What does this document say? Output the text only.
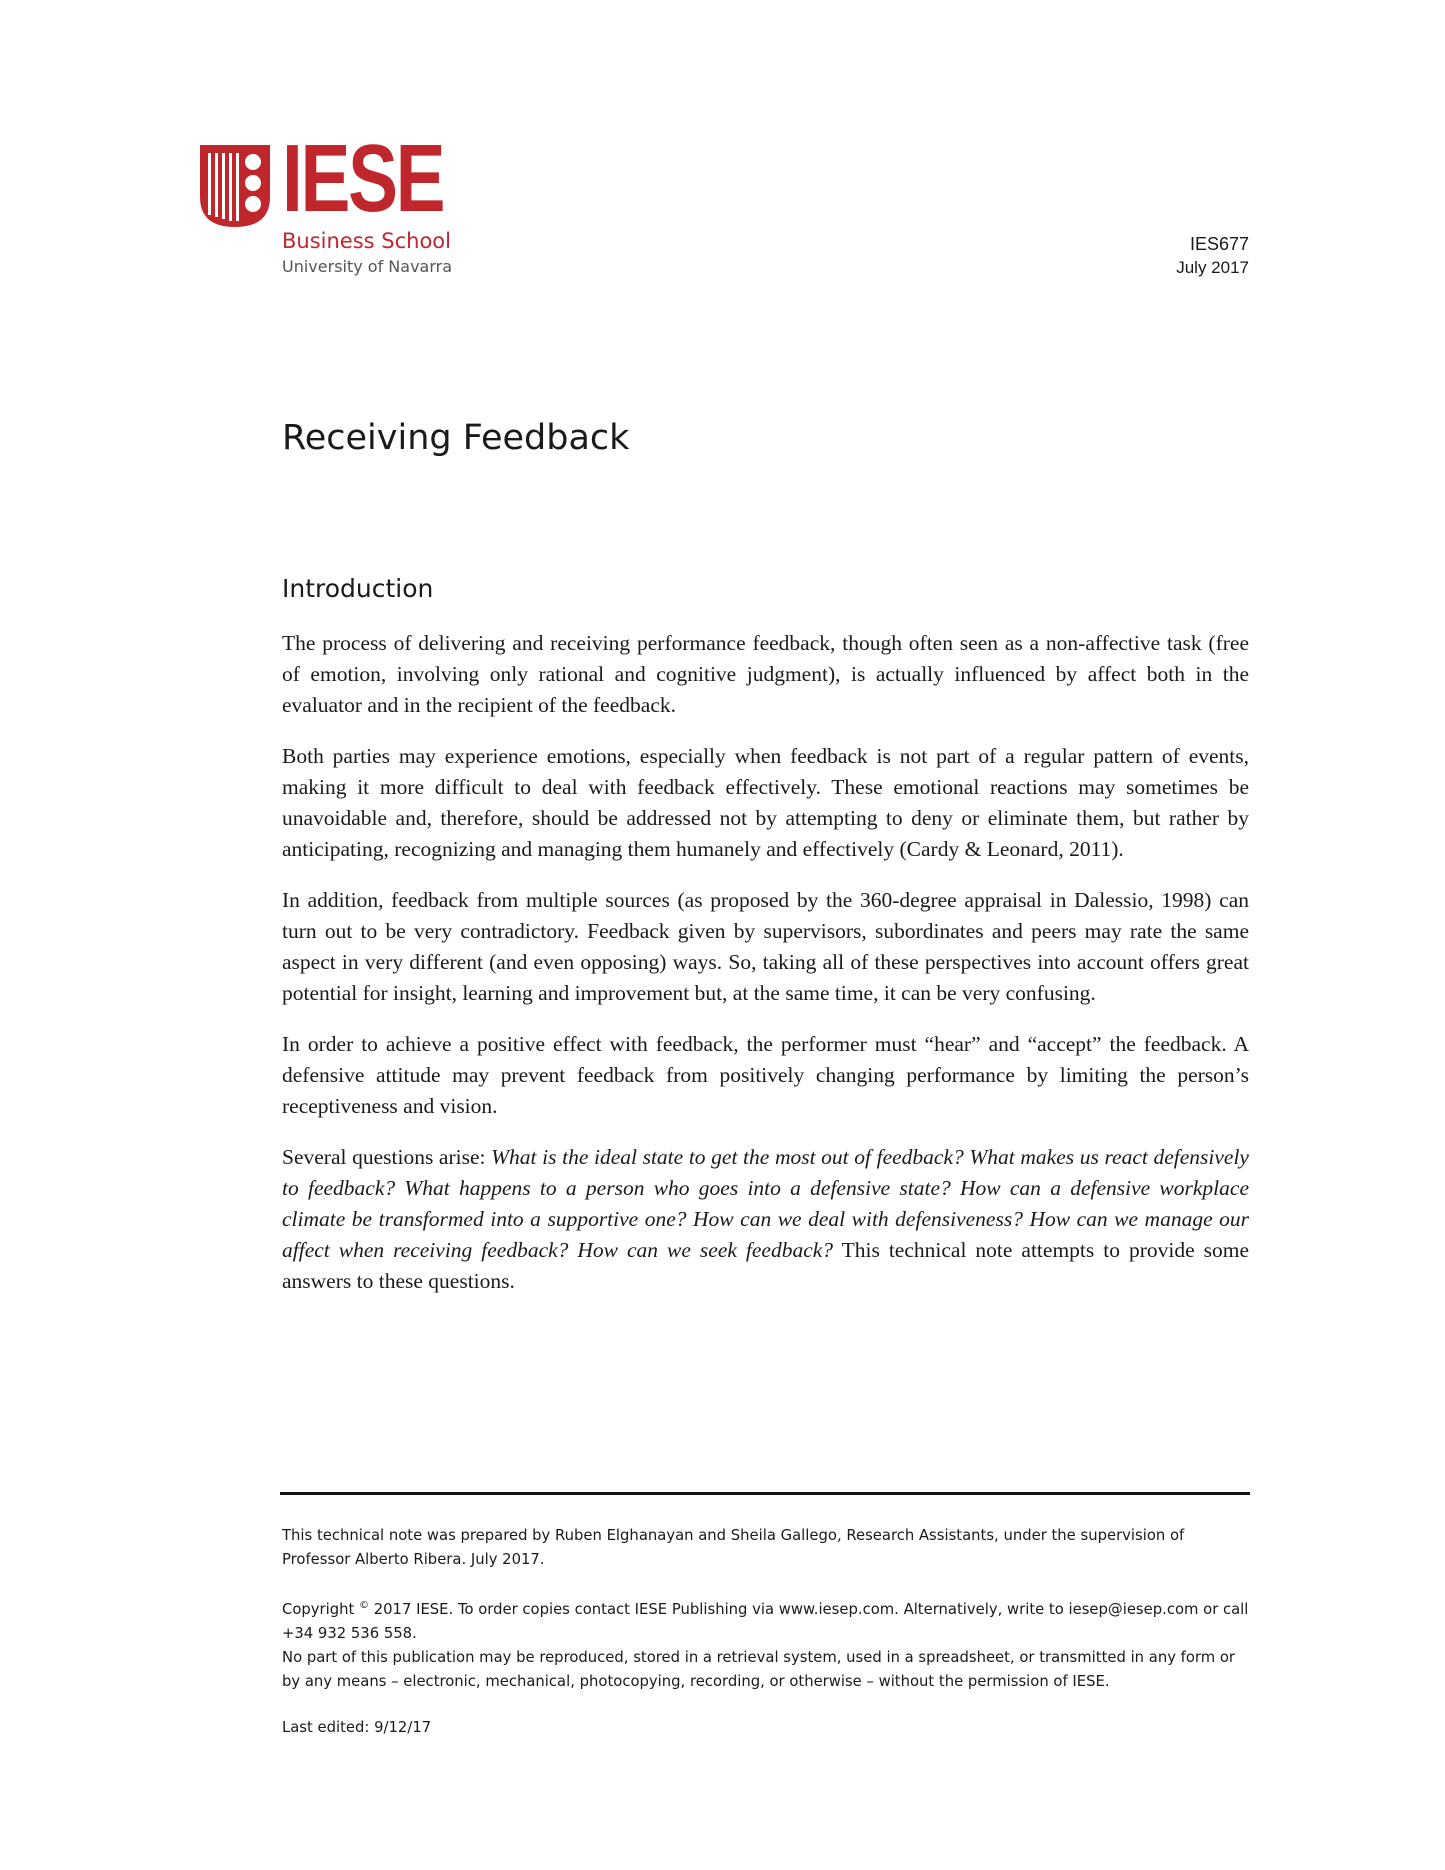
IESE
Business School
University of Navarra
IES677
July 2017
Receiving Feedback
Introduction

The process of delivering and receiving performance feedback, though often seen as a non-affective task (free of emotion, involving only rational and cognitive judgment), is actually influenced by affect both in the evaluator and in the recipient of the feedback.

Both parties may experience emotions, especially when feedback is not part of a regular pattern of events, making it more difficult to deal with feedback effectively. These emotional reactions may sometimes be unavoidable and, therefore, should be addressed not by attempting to deny or eliminate them, but rather by anticipating, recognizing and managing them humanely and effectively (Cardy & Leonard, 2011).

In addition, feedback from multiple sources (as proposed by the 360-degree appraisal in Dalessio, 1998) can turn out to be very contradictory. Feedback given by supervisors, subordinates and peers may rate the same aspect in very different (and even opposing) ways. So, taking all of these perspectives into account offers great potential for insight, learning and improvement but, at the same time, it can be very confusing.

In order to achieve a positive effect with feedback, the performer must “hear” and “accept” the feedback. A defensive attitude may prevent feedback from positively changing performance by limiting the person’s receptiveness and vision.

Several questions arise: What is the ideal state to get the most out of feedback? What makes us react defensively to feedback? What happens to a person who goes into a defensive state? How can a defensive workplace climate be transformed into a supportive one? How can we deal with defensiveness? How can we manage our affect when receiving feedback? How can we seek feedback? This technical note attempts to provide some answers to these questions.

This technical note was prepared by Ruben Elghanayan and Sheila Gallego, Research Assistants, under the supervision of Professor Alberto Ribera. July 2017.

Copyright © 2017 IESE. To order copies contact IESE Publishing via www.iesep.com. Alternatively, write to iesep@iesep.com or call +34 932 536 558.

No part of this publication may be reproduced, stored in a retrieval system, used in a spreadsheet, or transmitted in any form or by any means – electronic, mechanical, photocopying, recording, or otherwise – without the permission of IESE.

Last edited: 9/12/17
